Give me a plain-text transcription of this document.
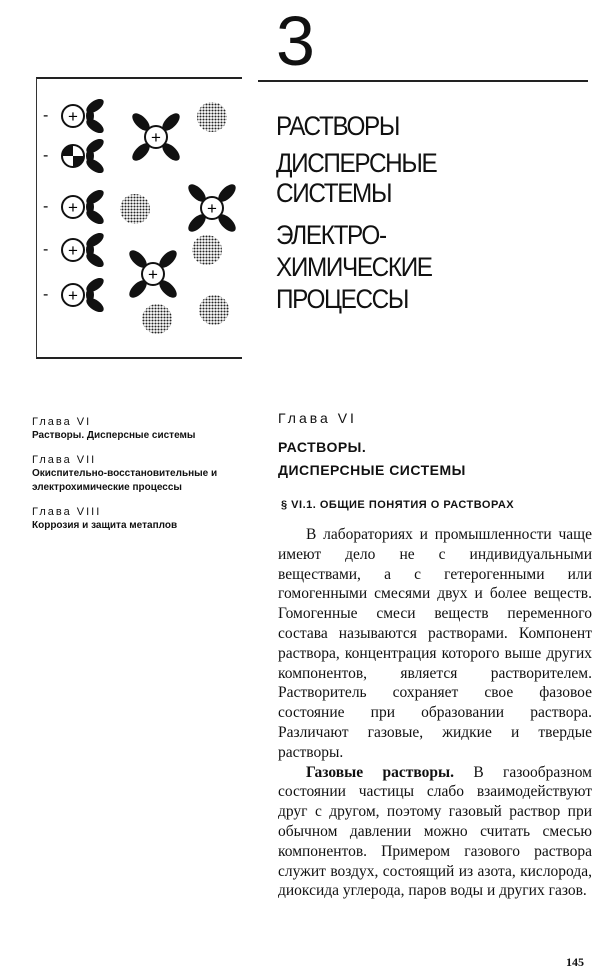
- +
-
- +
- +
- +
+
+
+
3
РАСТВОРЫ
ДИСПЕРСНЫЕ
СИСТЕМЫ
ЭЛЕКТРО-
ХИМИЧЕСКИЕ
ПРОЦЕССЫ
Глава VI
Растворы. Дисперсные системы
Глава VII
Окиспительно-восстановительные и электрохимические процессы
Глава VIII
Коррозия и защита метаплов
Глава VI
РАСТВОРЫ.
ДИСПЕРСНЫЕ СИСТЕМЫ
§ VI.1. ОБЩИЕ ПОНЯТИЯ О РАСТВОРАХ

В лабораториях и промышленности чаще имеют дело не с индивидуальными веществами, а с гетерогенными или гомогенными смесями двух и более веществ. Гомогенные смеси веществ переменного состава называются растворами. Компонент раствора, концентрация которого выше других компонентов, является растворителем. Растворитель сохраняет свое фазовое состояние при образовании раствора. Различают газовые, жидкие и твердые растворы.

Газовые растворы. В газообразном состоянии частицы слабо взаимодействуют друг с другом, поэтому газовый раствор при обычном давлении можно считать смесью компонентов. Примером газового раствора служит воздух, состоящий из азота, кислорода, диоксида углерода, паров воды и других газов.

145
